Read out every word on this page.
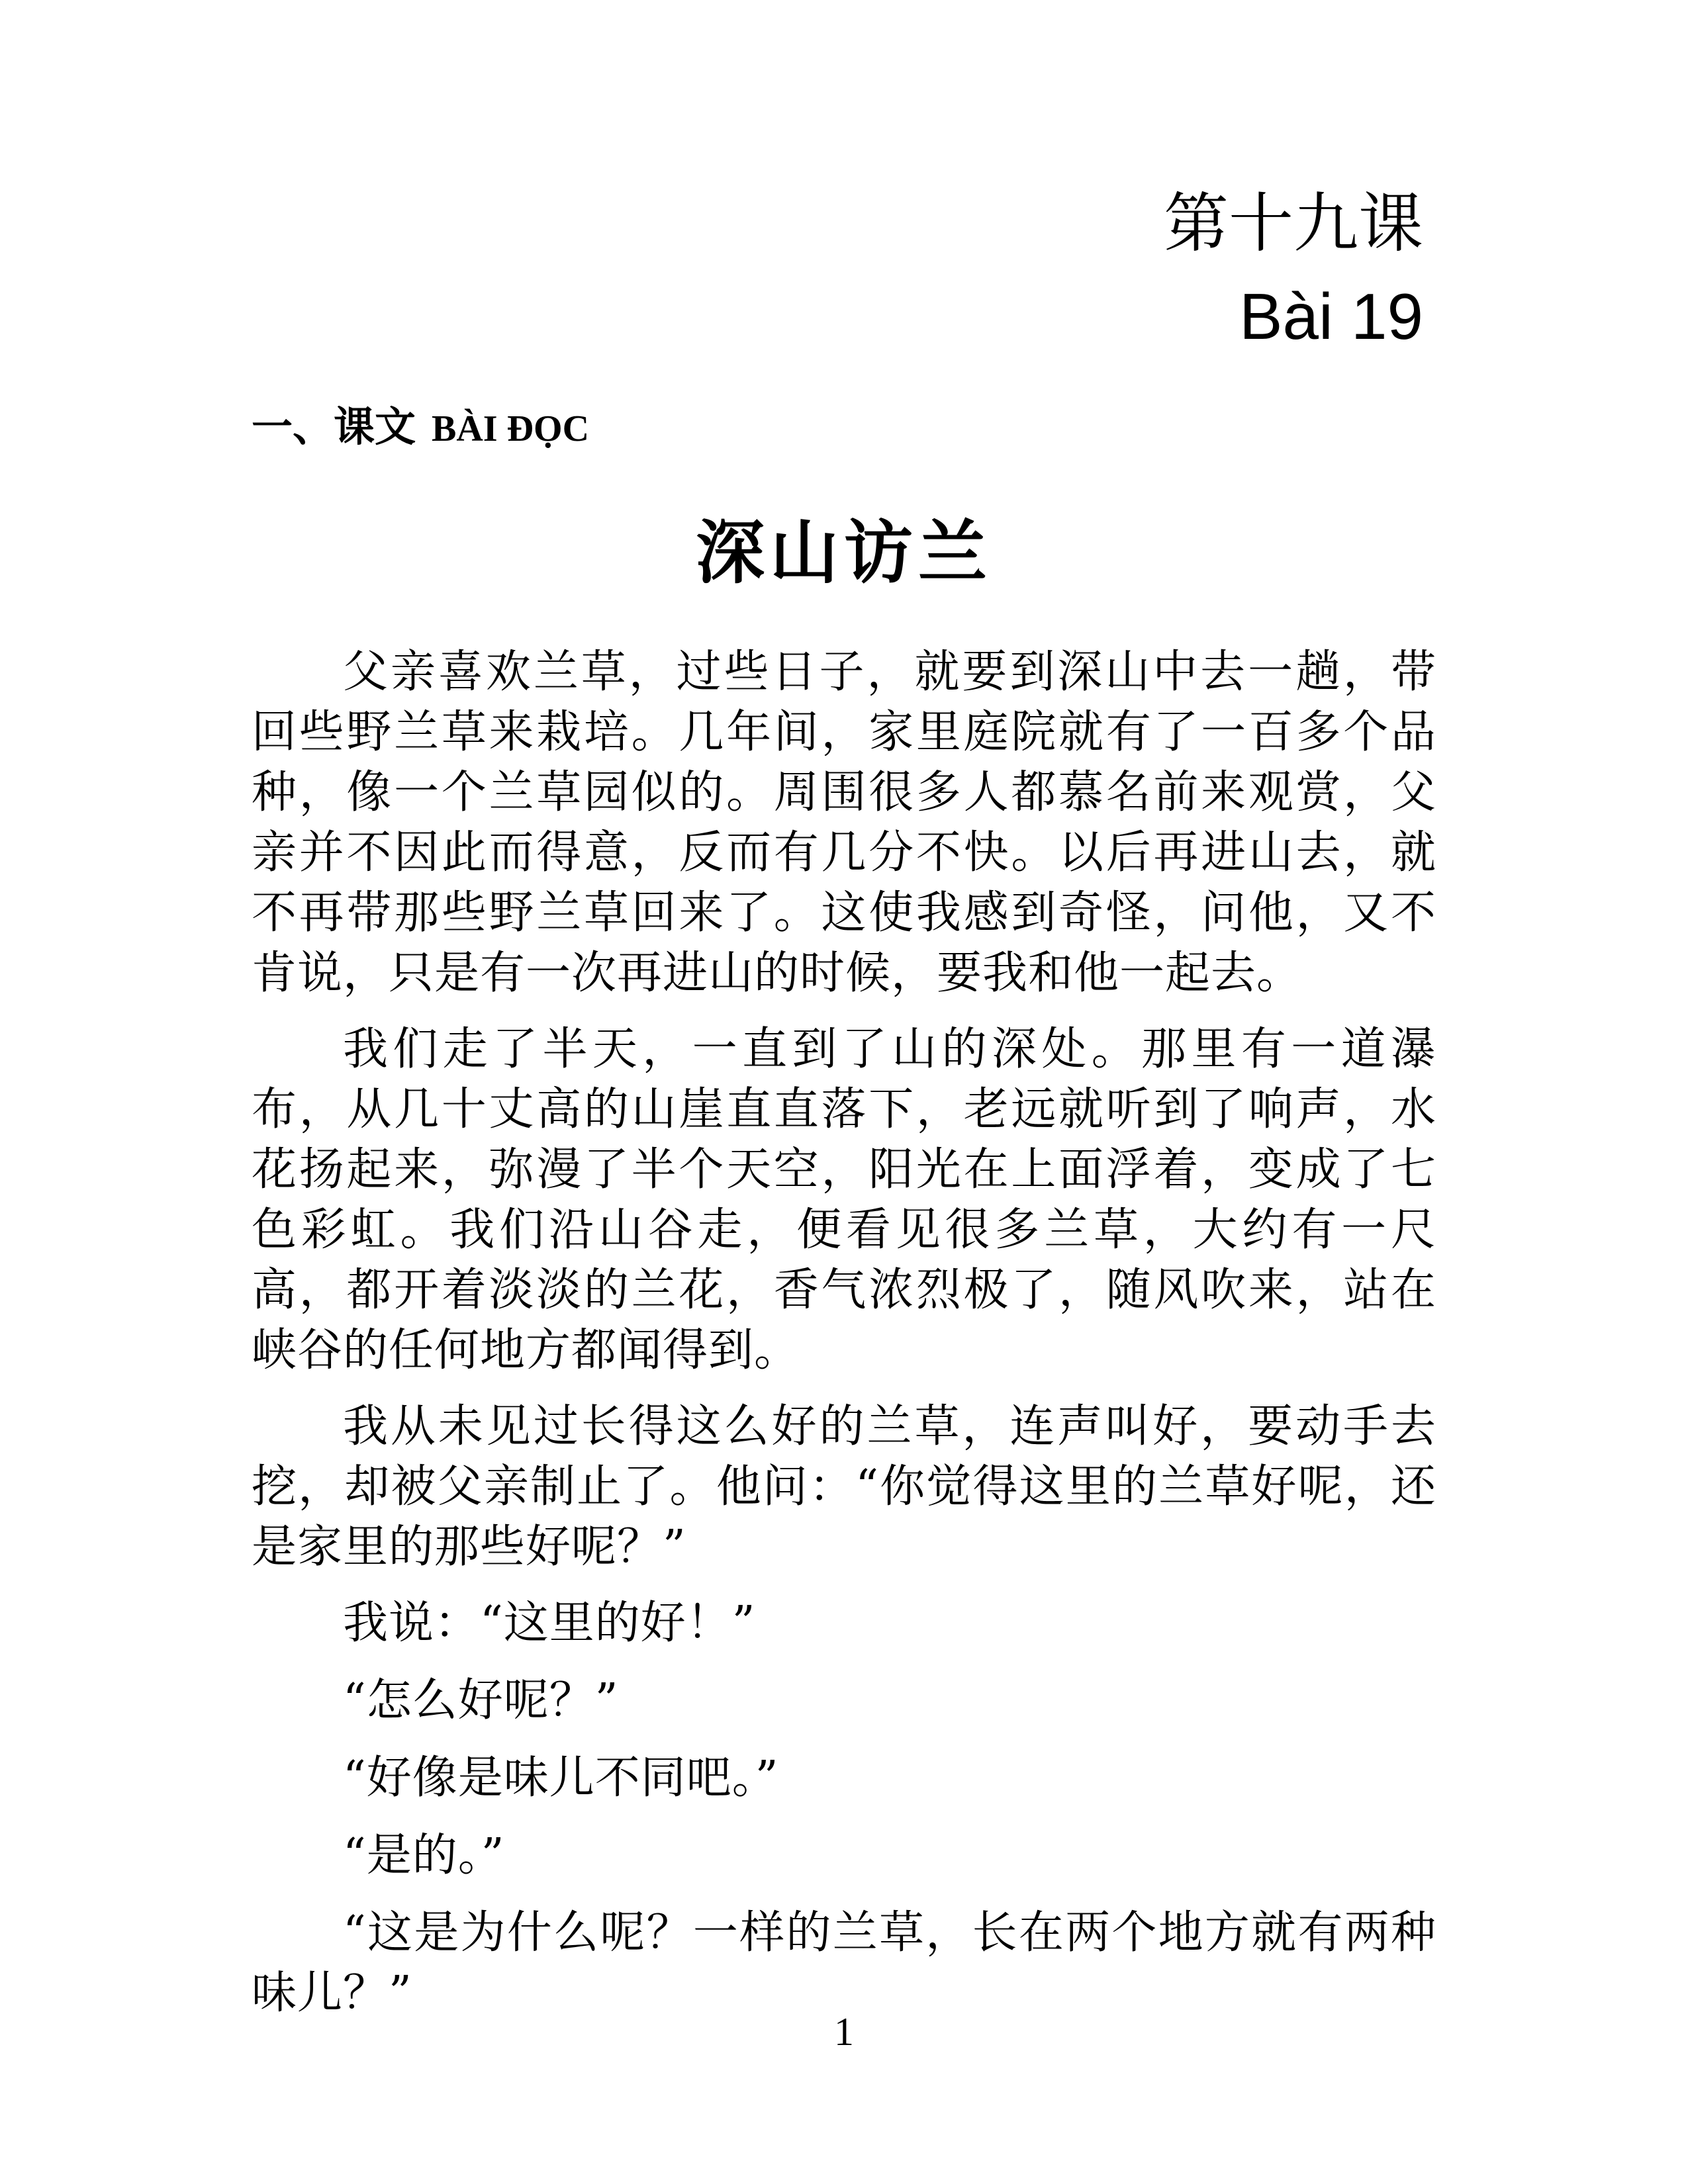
第十九课
Bài 19
一、课文 BÀI ĐỌC
深山访兰

父亲喜欢兰草，过些日子，就要到深山中去一趟，带回些野兰草来栽培。几年间，家里庭院就有了一百多个品种，像一个兰草园似的。周围很多人都慕名前来观赏，父亲并不因此而得意，反而有几分不快。以后再进山去，就不再带那些野兰草回来了。这使我感到奇怪，问他，又不肯说，只是有一次再进山的时候，要我和他一起去。

我们走了半天，一直到了山的深处。那里有一道瀑布，从几十丈高的山崖直直落下，老远就听到了响声，水花扬起来，弥漫了半个天空，阳光在上面浮着，变成了七色彩虹。我们沿山谷走，便看见很多兰草，大约有一尺高，都开着淡淡的兰花，香气浓烈极了，随风吹来，站在峡谷的任何地方都闻得到。

我从未见过长得这么好的兰草，连声叫好，要动手去挖，却被父亲制止了。他问：“你觉得这里的兰草好呢，还是家里的那些好呢？”

我说：“这里的好！”

“怎么好呢？”

“好像是味儿不同吧。”

“是的。”

“这是为什么呢？一样的兰草，长在两个地方就有两种味儿？”

1
